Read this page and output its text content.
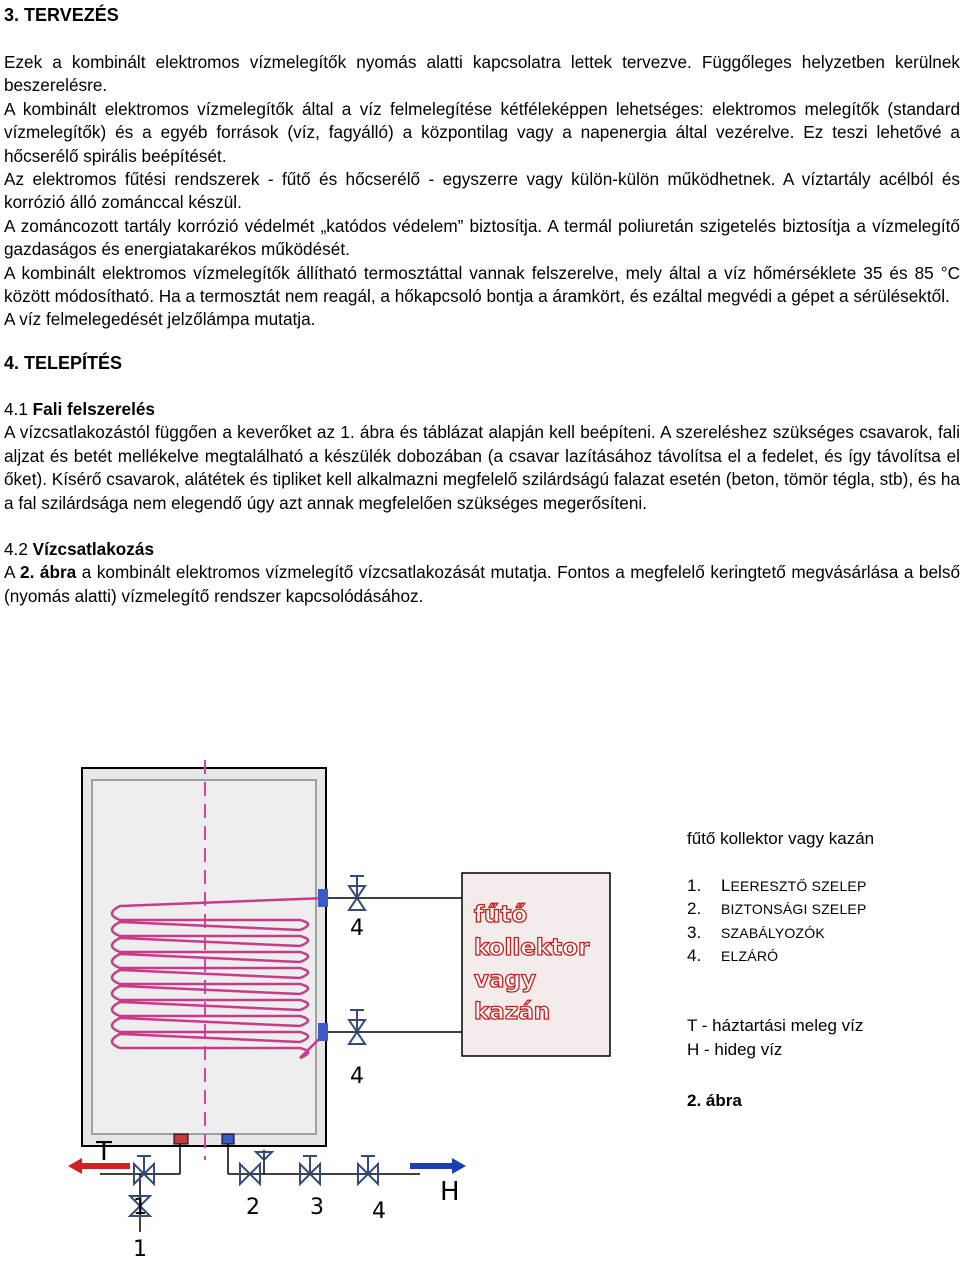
3. TERVEZÉS

Ezek a kombinált elektromos vízmelegítők nyomás alatti kapcsolatra lettek tervezve. Függőleges helyzetben kerülnek beszerelésre.

A kombinált elektromos vízmelegítők által a víz felmelegítése kétféleképpen lehetséges: elektromos melegítők (standard vízmelegítők) és a egyéb források (víz, fagyálló) a központilag vagy a napenergia által vezérelve. Ez teszi lehetővé a hőcserélő spirális beépítését.

Az elektromos fűtési rendszerek - fűtő és hőcserélő - egyszerre vagy külön-külön működhetnek. A víztartály acélból és korrózió álló zománccal készül.

A zománcozott tartály korrózió védelmét „katódos védelem” biztosítja. A termál poliuretán szigetelés biztosítja a vízmelegítő gazdaságos és energiatakarékos működését.

A kombinált elektromos vízmelegítők állítható termosztáttal vannak felszerelve, mely által a víz hőmérséklete 35 és 85 °C között módosítható. Ha a termosztát nem reagál, a hőkapcsoló bontja a áramkört, és ezáltal megvédi a gépet a sérülésektől.

A víz felmelegedését jelzőlámpa mutatja.

4. TELEPÍTÉS

4.1 Fali felszerelés

A vízcsatlakozástól függően a keverőket az 1. ábra és táblázat alapján kell beépíteni. A szereléshez szükséges csavarok, fali aljzat és betét mellékelve megtalálható a készülék dobozában (a csavar lazításához távolítsa el a fedelet, és így távolítsa el őket). Kísérő csavarok, alátétek és tipliket kell alkalmazni megfelelő szilárdságú falazat esetén (beton, tömör tégla, stb), és ha a fal szilárdsága nem elegendő úgy azt annak megfelelően szükséges megerősíteni.

4.2 Vízcsatlakozás

A 2. ábra a kombinált elektromos vízmelegítő vízcsatlakozását mutatja. Fontos a megfelelő keringtető megvásárlása a belső (nyomás alatti) vízmelegítő rendszer kapcsolódásához.

fűtő
kollektor
vagy
kazán
4
4
T
H
1
1
2 3 4
fűtő kollektor vagy kazán
1. LEERESZTŐ SZELEP
2. BIZTONSÁGI SZELEP
3. SZABÁLYOZÓK
4. ELZÁRÓ
T - háztartási meleg víz
H - hideg víz
2. ábra
